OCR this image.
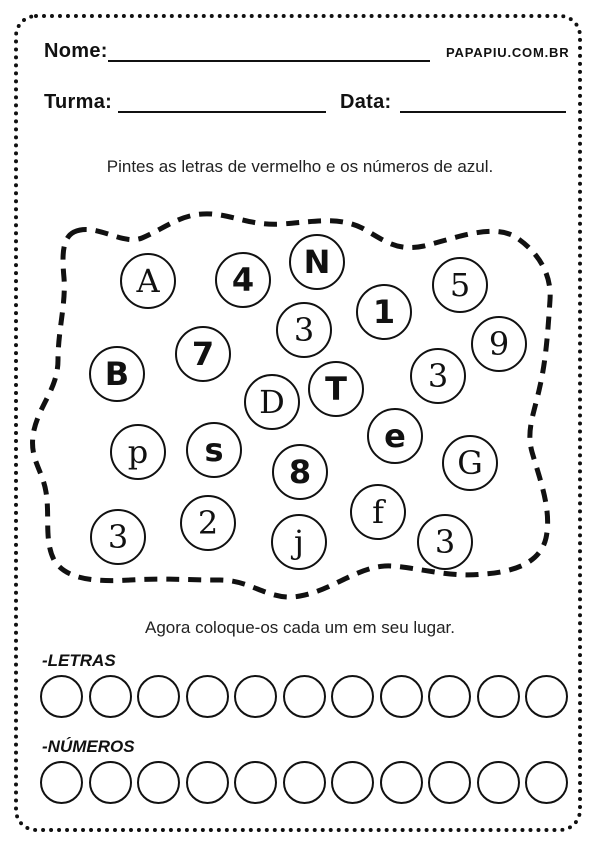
Nome:	PAPAPIU.COM.BR
Turma:	Data:
Pintes as letras de vermelho e os números de azul.
A	4	N
5
3	1
9
B
7
D	T	3
p	s	e
G
8
3	2	j
f
3
Agora coloque-os cada um em seu lugar.
-LETRAS
-NÚMEROS
